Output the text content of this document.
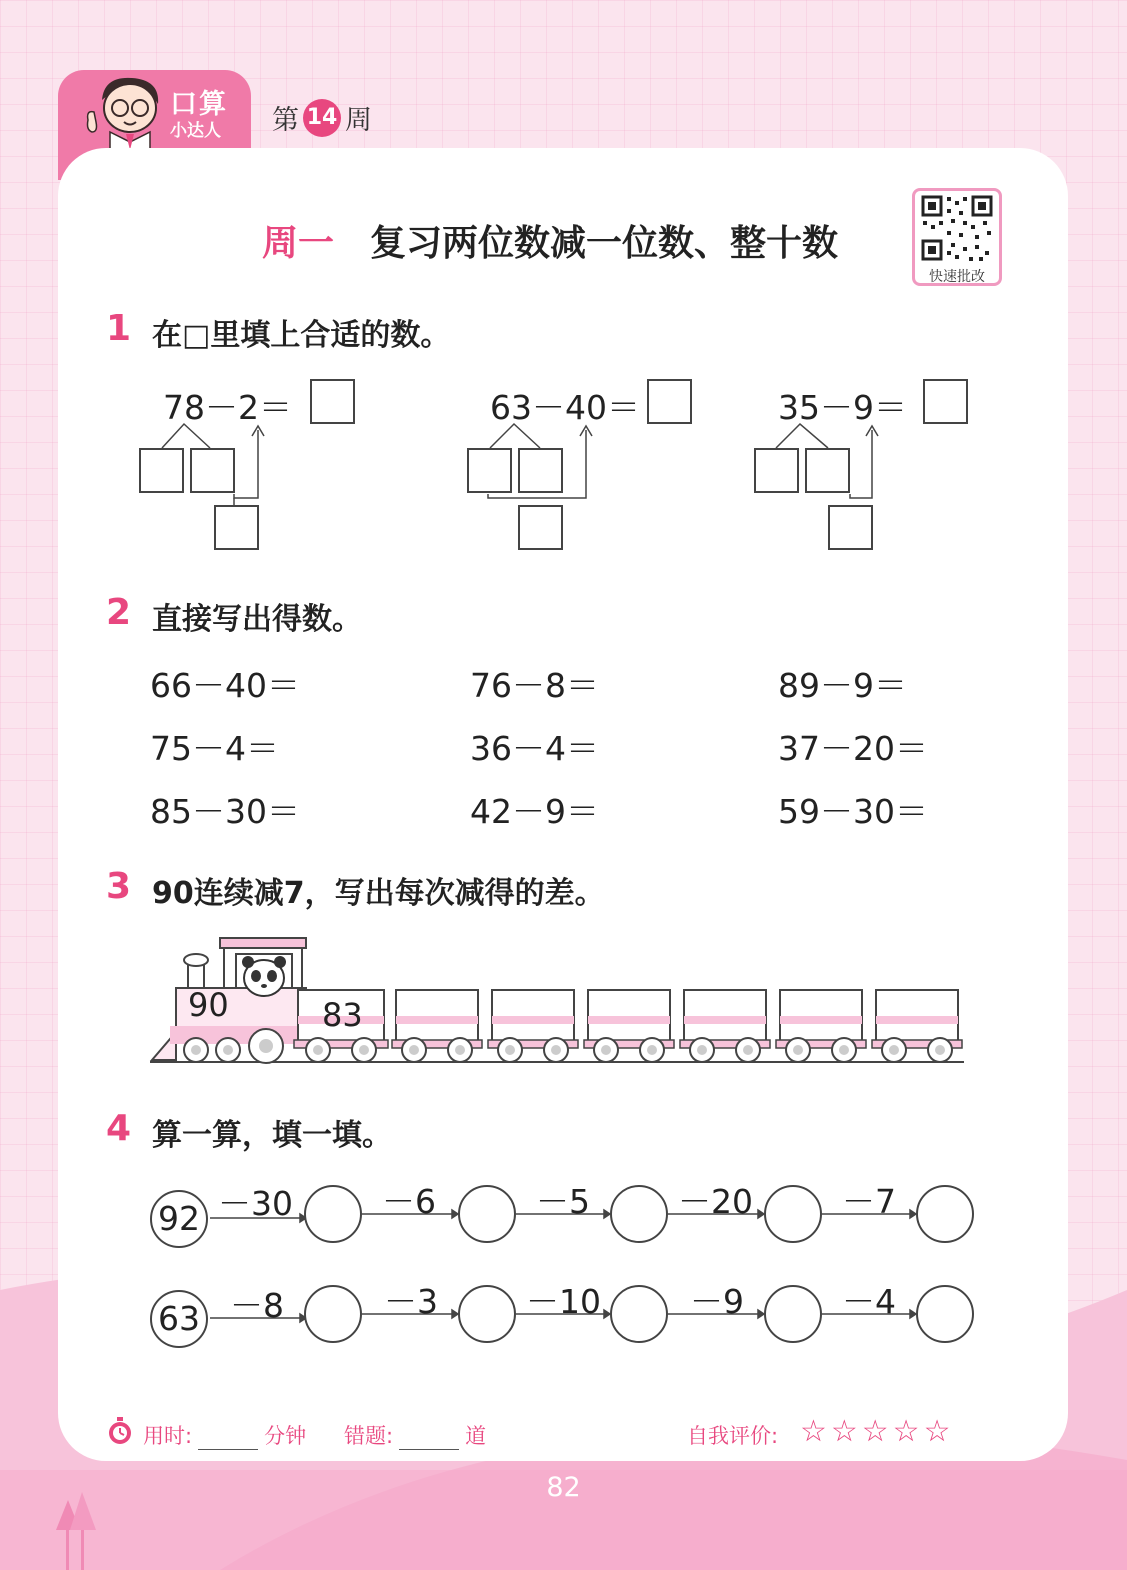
口算
小达人 第 14 周
周一 复习两位数减一位数、整十数
快速批改
1 在□里填上合适的数。
78－2＝	63－40＝	35－9＝
2 直接写出得数。
66－40＝	76－8＝	89－9＝
75－4＝	36－4＝	37－20＝
85－30＝	42－9＝	59－30＝
3 90连续减7，写出每次减得的差。
90	83
4 算一算，填一填。
92 －30	－6	－5	－20	－7
63 －8	－3	－10	－9	－4
用时:	分钟 错题:	道	自我评价: ☆☆☆☆☆
82
